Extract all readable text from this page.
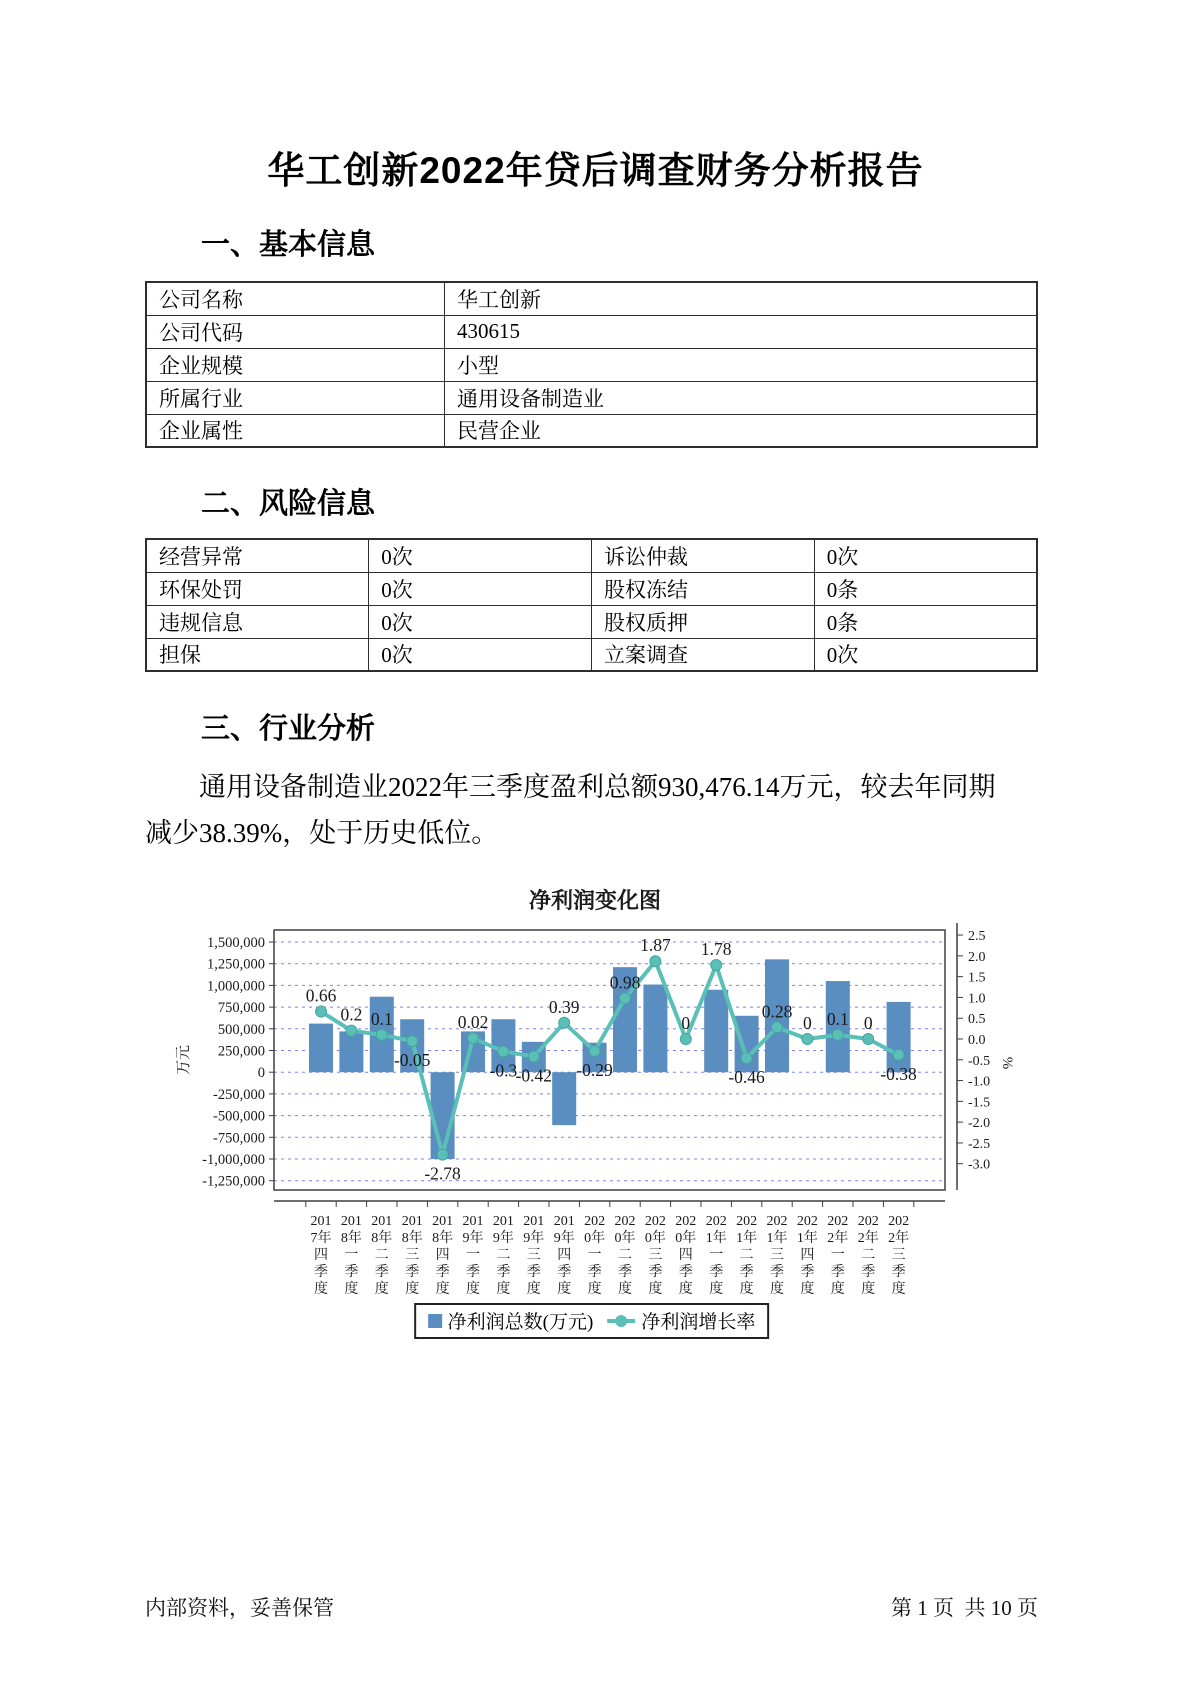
华工创新2022年贷后调查财务分析报告
一、基本信息
公司名称	华工创新
公司代码	430615
企业规模	小型
所属行业	通用设备制造业
企业属性	民营企业
二、风险信息
经营异常	0次	诉讼仲裁	0次
环保处罚	0次	股权冻结	0条
违规信息	0次	股权质押	0条
担保	0次	立案调查	0次
三、行业分析
通用设备制造业2022年三季度盈利总额930,476.14万元，较去年同期
减少38.39%，处于历史低位。
净利润变化图
1,500,000
1,250,000
1,000,000
750,000
500,000
250,000
0
-250,000
-500,000
-750,000
-1,000,000
-1,250,000
2.5
2.0
1.5
1.0
0.5
0.0
-0.5
-1.0
-1.5
-2.0
-2.5
-3.0
201 7年四季度
201 8年一季度
201 8年二季度
201 8年三季度
201 8年四季度
201 9年一季度
201 9年二季度
201 9年三季度
201 9年四季度
202 0年一季度
202 0年二季度
202 0年三季度
202 0年四季度
202 1年一季度
202 1年二季度
202 1年三季度
202 1年四季度
202 2年一季度
202 2年二季度
202 2年三季度
0.66
0.2 0.1
-0.05
-2.78
0.02
-0.3
-0.42
0.39
-0.29
0.98
1.87
0
1.78
-0.46
0.28
0 0.1 0
-0.38
万元	%
净利润总数(万元)	净利润增长率
内部资料，妥善保管	第 1 页  共 10 页
